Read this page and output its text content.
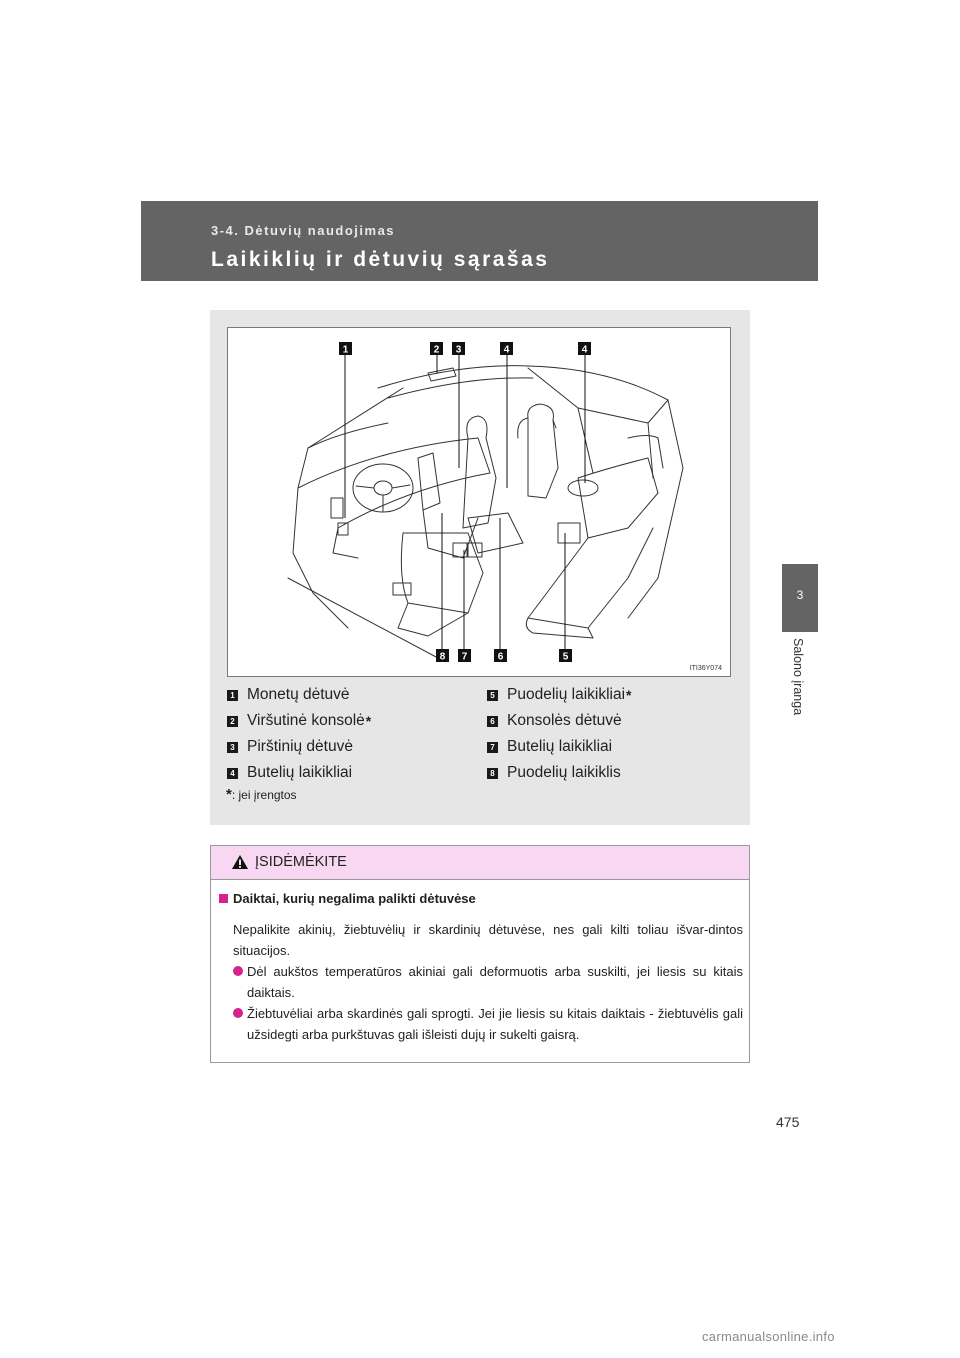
3-4. Dėtuvių naudojimas
Laikiklių ir dėtuvių sąrašas
3
Salono įranga
1	2 3	4	4
8 7	6	5
ITI36Y074
1 Monetų dėtuvė
2 Viršutinė konsolė *
3 Pirštinių dėtuvė
4 Butelių laikikliai
5 Puodelių laikikliai *
6 Konsolės dėtuvė
7 Butelių laikikliai
8 Puodelių laikiklis
*: jei įrengtos
ĮSIDĖMĖKITE
Daiktai, kurių negalima palikti dėtuvėse
Nepalikite akinių, žiebtuvėlių ir skardinių dėtuvėse, nes gali kilti toliau išvar-dintos situacijos.
Dėl aukštos temperatūros akiniai gali deformuotis arba suskilti, jei liesis su kitais daiktais.
Žiebtuvėliai arba skardinės gali sprogti. Jei jie liesis su kitais daiktais - žiebtuvėlis gali užsidegti arba purkštuvas gali išleisti dujų ir sukelti gaisrą.
475
carmanualsonline.info
